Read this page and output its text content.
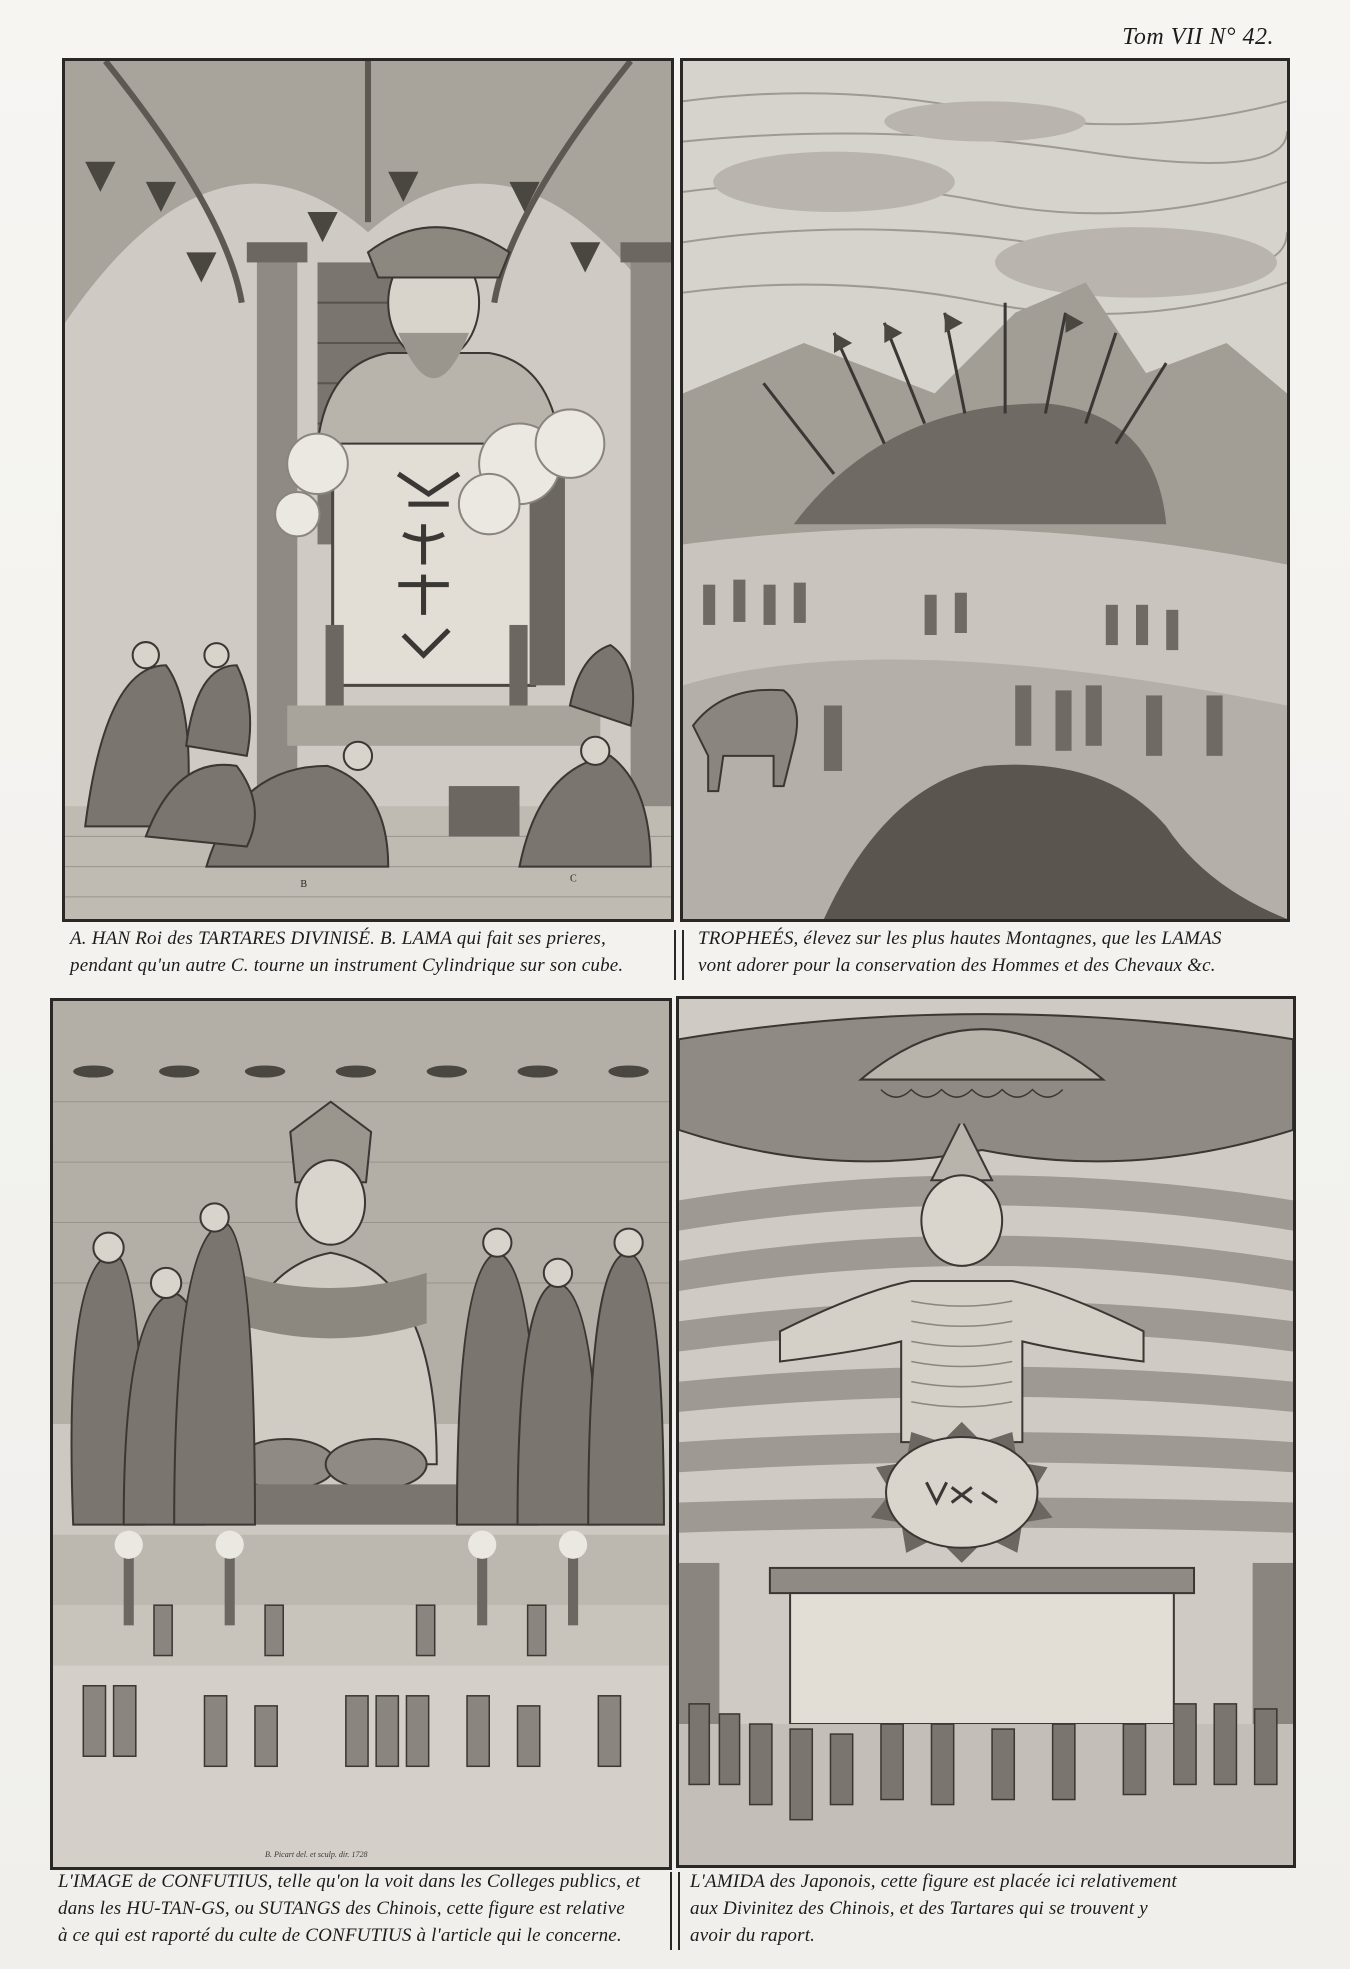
Tom VII N° 42.
B	C
A. HAN Roi des TARTARES DIVINISÉ. B. LAMA qui fait ses prieres,
pendant qu'un autre C. tourne un instrument Cylindrique sur son cube.
TROPHEÉS, élevez sur les plus hautes Montagnes, que les LAMAS
vont adorer pour la conservation des Hommes et des Chevaux &c.
B. Picart del. et sculp. dir. 1728
L'IMAGE de CONFUTIUS, telle qu'on la voit dans les Colleges publics, et
dans les HU-TAN-GS, ou SUTANGS des Chinois, cette figure est relative
à ce qui est raporté du culte de CONFUTIUS à l'article qui le concerne.
L'AMIDA des Japonois, cette figure est placée ici relativement
aux Divinitez des Chinois, et des Tartares qui se trouvent y
avoir du raport.
